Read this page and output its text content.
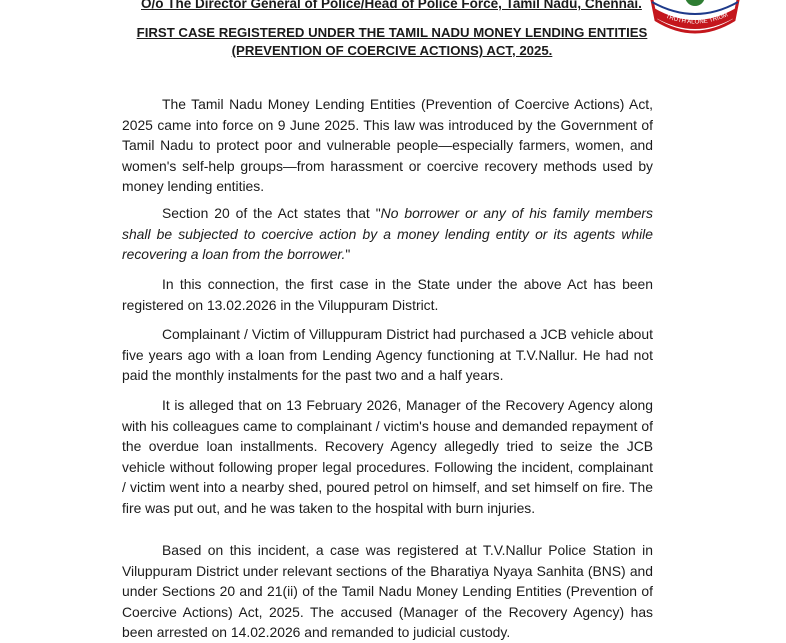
O/o The Director General of Police/Head of Police Force, Tamil Nadu, Chennai.
TRUTH ALONE TRIUM
FIRST CASE REGISTERED UNDER THE TAMIL NADU MONEY LENDING ENTITIES
(PREVENTION OF COERCIVE ACTIONS) ACT, 2025.

The Tamil Nadu Money Lending Entities (Prevention of Coercive Actions) Act, 2025 came into force on 9 June 2025. This law was introduced by the Government of Tamil Nadu to protect poor and vulnerable people—especially farmers, women, and women's self-help groups—from harassment or coercive recovery methods used by money lending entities.

Section 20 of the Act states that "No borrower or any of his family members shall be subjected to coercive action by a money lending entity or its agents while recovering a loan from the borrower."

In this connection, the first case in the State under the above Act has been registered on 13.02.2026 in the Viluppuram District.

Complainant / Victim of Villuppuram District had purchased a JCB vehicle about five years ago with a loan from Lending Agency functioning at T.V.Nallur. He had not paid the monthly instalments for the past two and a half years.

It is alleged that on 13 February 2026, Manager of the Recovery Agency along with his colleagues came to complainant / victim's house and demanded repayment of the overdue loan installments. Recovery Agency allegedly tried to seize the JCB vehicle without following proper legal procedures. Following the incident, complainant / victim went into a nearby shed, poured petrol on himself, and set himself on fire. The fire was put out, and he was taken to the hospital with burn injuries.

Based on this incident, a case was registered at T.V.Nallur Police Station in Viluppuram District under relevant sections of the Bharatiya Nyaya Sanhita (BNS) and under Sections 20 and 21(ii) of the Tamil Nadu Money Lending Entities (Prevention of Coercive Actions) Act, 2025. The accused (Manager of the Recovery Agency) has been arrested on 14.02.2026 and remanded to judicial custody.
